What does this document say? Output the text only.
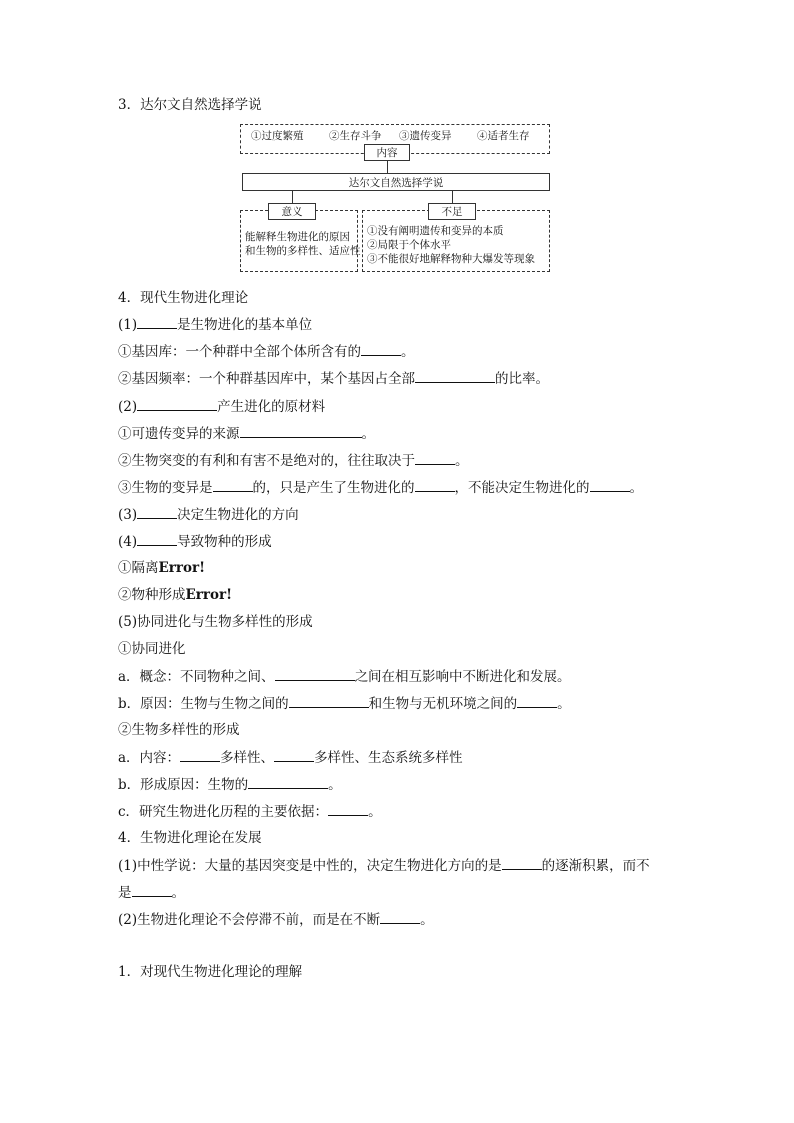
3．达尔文自然选择学说
①过度繁殖 ②生存斗争 ③遗传变异 ④适者生存
内容
达尔文自然选择学说
能解释生物进化的原因
和生物的多样性、适应性
意义
①没有阐明遗传和变异的本质
②局限于个体水平
③不能很好地解释物种大爆发等现象
不足
4．现代生物进化理论
(1)	是生物进化的基本单位
①基因库：一个种群中全部个体所含有的	。
②基因频率：一个种群基因库中，某个基因占全部	的比率。
(2)	产生进化的原材料
①可遗传变异的来源	。
②生物突变的有利和有害不是绝对的，往往取决于	。
③生物的变异是	的，只是产生了生物进化的	，不能决定生物进化的	。
(3)	决定生物进化的方向
(4)	导致物种的形成
①隔离Error!
②物种形成Error!
(5)协同进化与生物多样性的形成
①协同进化
a．概念：不同物种之间、	之间在相互影响中不断进化和发展。
b．原因：生物与生物之间的	和生物与无机环境之间的	。
②生物多样性的形成
a．内容：	多样性、	多样性、生态系统多样性
b．形成原因：生物的	。
c．研究生物进化历程的主要依据：	。
4．生物进化理论在发展
(1)中性学说：大量的基因突变是中性的，决定生物进化方向的是	的逐渐积累，而不
是	。
(2)生物进化理论不会停滞不前，而是在不断	。
1．对现代生物进化理论的理解
